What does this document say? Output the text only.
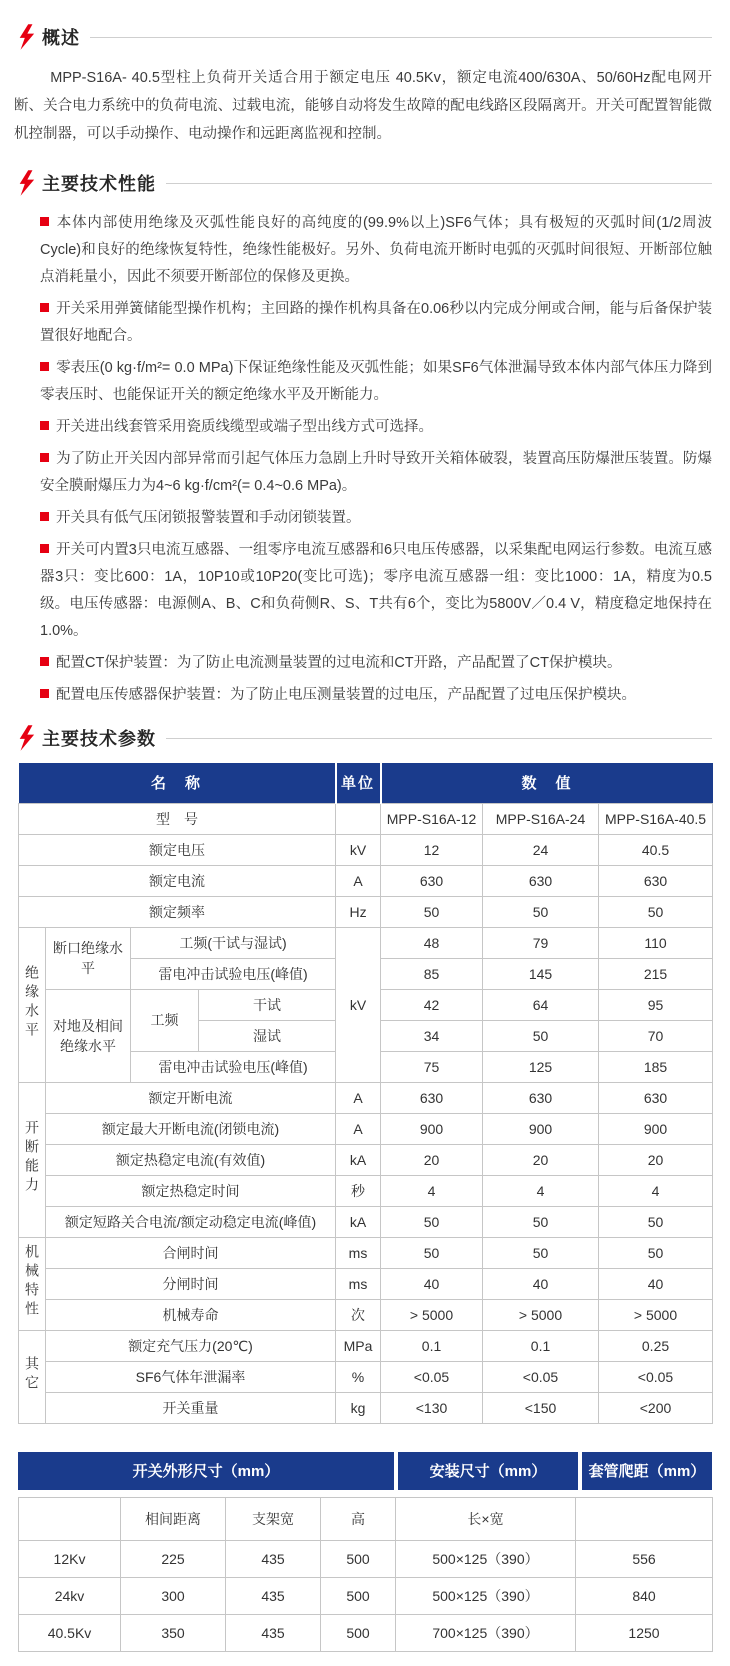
概述

MPP-S16A- 40.5型柱上负荷开关适合用于额定电压 40.5Kv，额定电流400/630A、50/60Hz配电网开断、关合电力系统中的负荷电流、过载电流，能够自动将发生故障的配电线路区段隔离开。开关可配置智能微机控制器，可以手动操作、电动操作和远距离监视和控制。

主要技术性能
本体内部使用绝缘及灭弧性能良好的高纯度的(99.9%以上)SF6气体；具有极短的灭弧时间(1/2周波Cycle)和良好的绝缘恢复特性，绝缘性能极好。另外、负荷电流开断时电弧的灭弧时间很短、开断部位触点消耗量小，因此不须要开断部位的保修及更换。
开关采用弹簧储能型操作机构；主回路的操作机构具备在0.06秒以内完成分闸或合闸，能与后备保护装置很好地配合。
零表压(0 kg·f/m²= 0.0 MPa)下保证绝缘性能及灭弧性能；如果SF6气体泄漏导致本体内部气体压力降到零表压时、也能保证开关的额定绝缘水平及开断能力。
开关进出线套管采用瓷质线缆型或端子型出线方式可选择。
为了防止开关因内部异常而引起气体压力急剧上升时导致开关箱体破裂，装置高压防爆泄压装置。防爆安全膜耐爆压力为4~6 kg·f/cm²(= 0.4~0.6 MPa)。
开关具有低气压闭锁报警装置和手动闭锁装置。
开关可内置3只电流互感器、一组零序电流互感器和6只电压传感器，以采集配电网运行参数。电流互感器3只：变比600：1A，10P10或10P20(变比可选)；零序电流互感器一组：变比1000：1A，精度为0.5级。电压传感器：电源侧A、B、C和负荷侧R、S、T共有6个，变比为5800V／0.4 V，精度稳定地保持在1.0%。
配置CT保护装置：为了防止电流测量装置的过电流和CT开路，产品配置了CT保护模块。
配置电压传感器保护装置：为了防止电压测量装置的过电压，产品配置了过电压保护模块。
主要技术参数
名　称				单位	数　值		
型　号					MPP-S16A-12	MPP-S16A-24	MPP-S16A-40.5
额定电压				kV	12	24	40.5
额定电流				A	630	630	630
额定频率				Hz	50	50	50
绝缘水平	断口绝缘水平	工频(干试与湿试)		kV	48	79	110
		雷电冲击试验电压(峰值)			85	145	215
	对地及相间绝缘水平	工频	干试		42	64	95
			湿试		34	50	70
		雷电冲击试验电压(峰值)			75	125	185
开断能力	额定开断电流			A	630	630	630
	额定最大开断电流(闭锁电流)			A	900	900	900
	额定热稳定电流(有效值)			kA	20	20	20
	额定热稳定时间			秒	4	4	4
	额定短路关合电流/额定动稳定电流(峰值)			kA	50	50	50
机械特性	合闸时间			ms	50	50	50
	分闸时间			ms	40	40	40
	机械寿命			次	> 5000	> 5000	> 5000
其它	额定充气压力(20℃)			MPa	0.1	0.1	0.25
	SF6气体年泄漏率			%	<0.05	<0.05	<0.05
	开关重量			kg	<130	<150	<200
开关外形尺寸（mm）	安装尺寸（mm）	套管爬距（mm）
	相间距离	支架宽	高	长×宽	
12Kv	225	435	500	500×125（390）	556
24kv	300	435	500	500×125（390）	840
40.5Kv	350	435	500	700×125（390）	1250
